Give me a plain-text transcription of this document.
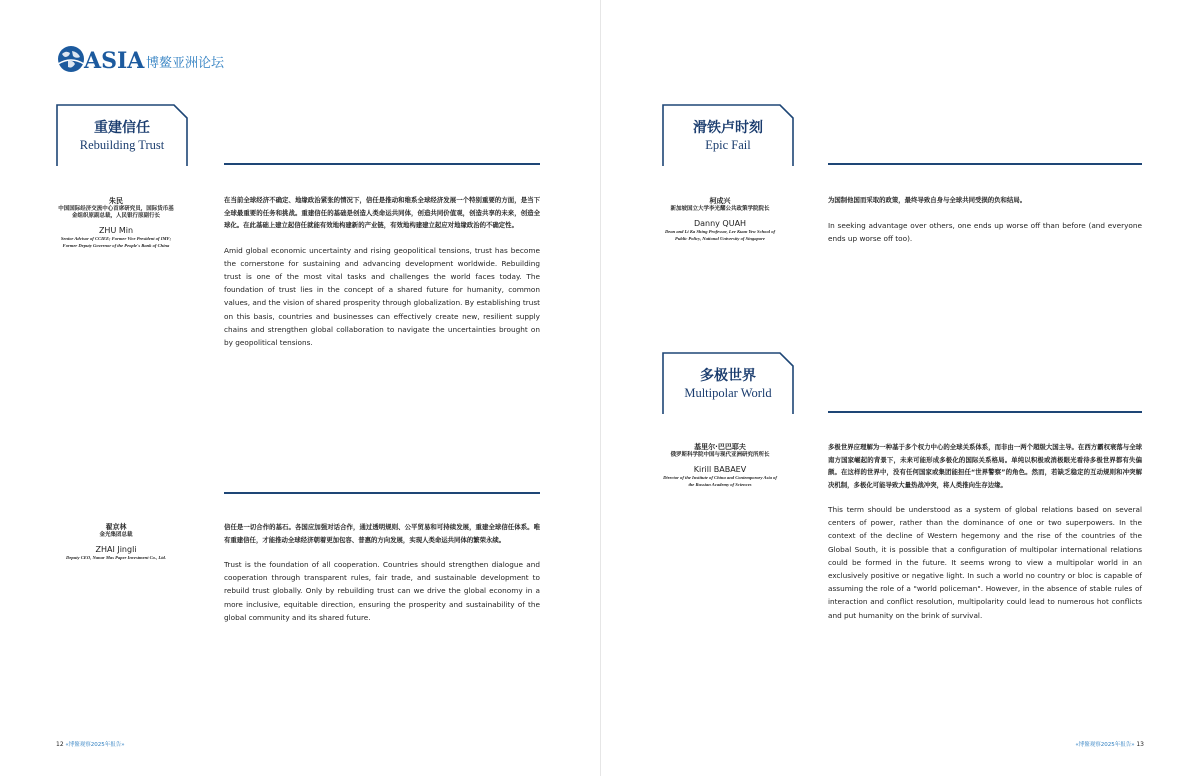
ASIA 博鳌亚洲论坛
重建信任
Rebuilding Trust
朱民
中国国际经济交流中心首席研究员，国际货币基金组织原副总裁，人民银行原副行长
ZHU Min
Senior Advisor of CCIEE; Former Vice President of IMF; Former Deputy Governor of the People's Bank of China

在当前全球经济不确定、地缘政治紧张的情况下，信任是推动和维系全球经济发展一个特别重要的方面，是当下全球最重要的任务和挑战。重建信任的基础是创造人类命运共同体，创造共同价值观，创造共享的未来，创造全球化。在此基础上建立起信任就能有效地构建新的产业链，有效地构建建立起应对地缘政治的不确定性。

Amid global economic uncertainty and rising geopolitical tensions, trust has become the cornerstone for sustaining and advancing development worldwide. Rebuilding trust is one of the most vital tasks and challenges the world faces today. The foundation of trust lies in the concept of a shared future for humanity, common values, and the vision of shared prosperity through globalization. By establishing trust on this basis, countries and businesses can effectively create new, resilient supply chains and strengthen global collaboration to navigate the uncertainties brought on by geopolitical tensions.

翟京林
金光集团总裁
ZHAI Jingli
Deputy CEO, Nanar Mas Paper Investment Co., Ltd.

信任是一切合作的基石。各国应加强对话合作，通过透明规则、公平贸易和可持续发展，重建全球信任体系。唯有重建信任，才能推动全球经济朝着更加包容、普惠的方向发展，实现人类命运共同体的繁荣永续。

Trust is the foundation of all cooperation. Countries should strengthen dialogue and cooperation through transparent rules, fair trade, and sustainable development to rebuild trust globally. Only by rebuilding trust can we drive the global economy in a more inclusive, equitable direction, ensuring the prosperity and sustainability of the global community and its shared future.

12 «博鳌观察2025年报告»
滑铁卢时刻
Epic Fail
柯成兴
新加坡国立大学李光耀公共政策学院院长
Danny QUAH
Dean and Li Ka Shing Professor, Lee Kuan Yew School of Public Policy, National University of Singapore

为国制他国而采取的政策，最终导致自身与全球共同受损的负和结局。

In seeking advantage over others, one ends up worse off than before (and everyone ends up worse off too).

多极世界
Multipolar World
基里尔·巴巴耶夫
俄罗斯科学院中国与现代亚洲研究所所长
Kirill BABAEV
Director of the Institute of China and Contemporary Asia of the Russian Academy of Sciences

多极世界应理解为一种基于多个权力中心的全球关系体系，而非由一两个超级大国主导。在西方霸权衰落与全球南方国家崛起的背景下，未来可能形成多极化的国际关系格局。单纯以积极或消极眼光看待多极世界都有失偏颇。在这样的世界中，没有任何国家或集团能担任“世界警察”的角色。然而，若缺乏稳定的互动规则和冲突解决机制，多极化可能导致大量热战冲突，将人类推向生存边缘。

This term should be understood as a system of global relations based on several centers of power, rather than the dominance of one or two superpowers. In the context of the decline of Western hegemony and the rise of the countries of the Global South, it is possible that a configuration of multipolar international relations could be formed in the future. It seems wrong to view a multipolar world in an exclusively positive or negative light. In such a world no country or bloc is capable of assuming the role of a "world policeman". However, in the absence of stable rules of interaction and conflict resolution, multipolarity could lead to numerous hot conflicts and put humanity on the brink of survival.

«博鳌观察2025年报告» 13
